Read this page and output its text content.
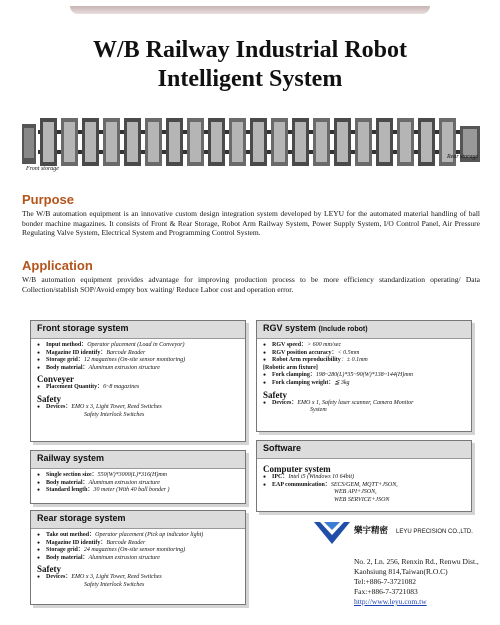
W/B Railway Industrial Robot
Intelligent System
Front storage
Rear storage
Purpose
The W/B automation equipment is an innovative custom design integration system developed by LEYU for the automated material handling of ball bonder machine magazines. It consists of Front & Rear Storage, Robot Arm Railway System, Power Supply System, I/O Control Panel, Air Pressure Regulating Valve System, Electrical System and Programming Control System.
Application
W/B automation equipment provides advantage for improving production process to be more efficiency standardization operating/ Data Collection/stablish SOP/Avoid empty box waiting/ Reduce Labor cost and operation error.
Front storage system
● Input method：Operator placement (Load in Conveyor)
● Magazine ID identify：Barcode Reader
● Storage grid：12 magazines (On-site sensor monitoring)
● Body material：Aluminum extrusion structure
Conveyer
● Placement Quantity：6~8 magazines
Safety
● Devices：EMO x 3, Light Tower, Reed Switches
Safety Interlock Switches
Railway system
● Single section size：550(W)*3000(L)*316(H)mm
● Body material：Aluminum extrusion structure
● Standard length：30 meter (With 40 ball bonder )
Rear storage system
● Take out method：Operator placement (Pick up indicator light)
● Magazine ID identify：Barcode Reader
● Storage grid：24 magazines (On-site sensor monitoring)
● Body material：Aluminum extrusion structure
Safety
● Devices：EMO x 3, Light Tower, Reed Switches
Safety Interlock Switches
RGV system (Include robot)
● RGV speed：> 600 mm/sec
● RGV position accuracy：< 0.5mm
● Robot Arm reproducibility：± 0.1mm
[Robotic arm fixture]
● Fork clamping：198~280(L)*35~90(W)*138~144(H)mm
● Fork clamping weight：≦ 3kg
Safety
● Devices：EMO x 1, Safety laser scanner, Camera Monitor
System
Software
Computer system
● IPC：Intel i5 (Windows 10 64bit)
● EAP communication：SECS/GEM, MQTT+JSON,
WEB API+JSON,
WEB SERVICE+JSON
樂宇精密 LEYU PRECISION CO.,LTD.
No. 2, Ln. 256, Renxin Rd., Renwu Dist.,
Kaohsiung 814,Taiwan(R.O.C)
Tel:+886-7-3721082
Fax:+886-7-3721083
http://www.leyu.com.tw
